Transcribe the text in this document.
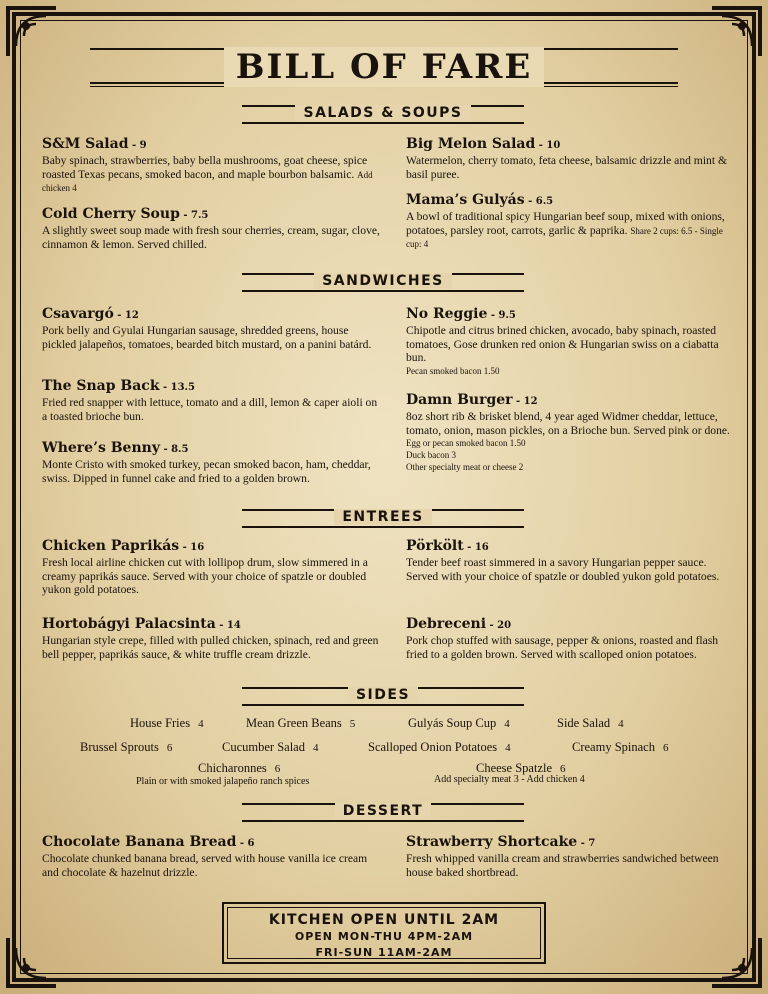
BILL OF FARE
SALADS & SOUPS
S&M Salad - 9
Baby spinach, strawberries, baby bella mushrooms, goat cheese, spice roasted Texas pecans, smoked bacon, and maple bourbon balsamic. Add chicken 4
Big Melon Salad - 10
Watermelon, cherry tomato, feta cheese, balsamic drizzle and mint & basil puree.
Cold Cherry Soup - 7.5
A slightly sweet soup made with fresh sour cherries, cream, sugar, clove, cinnamon & lemon. Served chilled.
Mama’s Gulyás - 6.5
A bowl of traditional spicy Hungarian beef soup, mixed with onions, potatoes, parsley root, carrots, garlic & paprika. Share 2 cups: 6.5 - Single cup: 4
SANDWICHES
Csavargó - 12
Pork belly and Gyulai Hungarian sausage, shredded greens, house pickled jalapeños, tomatoes, bearded bitch mustard, on a panini batárd.
No Reggie - 9.5
Chipotle and citrus brined chicken, avocado, baby spinach, roasted tomatoes, Gose drunken red onion & Hungarian swiss on a ciabatta bun.
Pecan smoked bacon 1.50
The Snap Back - 13.5
Fried red snapper with lettuce, tomato and a dill, lemon & caper aioli on a toasted brioche bun.
Damn Burger - 12
8oz short rib & brisket blend, 4 year aged Widmer cheddar, lettuce, tomato, onion, mason pickles, on a Brioche bun. Served pink or done.
Egg or pecan smoked bacon 1.50
Duck bacon 3
Other specialty meat or cheese 2
Where’s Benny - 8.5
Monte Cristo with smoked turkey, pecan smoked bacon, ham, cheddar, swiss. Dipped in funnel cake and fried to a golden brown.
ENTREES
Chicken Paprikás - 16
Fresh local airline chicken cut with lollipop drum, slow simmered in a creamy paprikás sauce. Served with your choice of spatzle or doubled yukon gold potatoes.
Pörkölt - 16
Tender beef roast simmered in a savory Hungarian pepper sauce. Served with your choice of spatzle or doubled yukon gold potatoes.
Hortobágyi Palacsinta - 14
Hungarian style crepe, filled with pulled chicken, spinach, red and green bell pepper, paprikás sauce, & white truffle cream drizzle.
Debreceni - 20
Pork chop stuffed with sausage, pepper & onions, roasted and flash fried to a golden brown. Served with scalloped onion potatoes.
SIDES
House Fries 4	Mean Green Beans 5	Gulyás Soup Cup 4	Side Salad 4
Brussel Sprouts 6	Cucumber Salad 4	Scalloped Onion Potatoes 4	Creamy Spinach 6
Chicharonnes 6
Plain or with smoked jalapeño ranch spices
Cheese Spatzle 6
Add specialty meat 3 - Add chicken 4
DESSERT
Chocolate Banana Bread - 6
Chocolate chunked banana bread, served with house vanilla ice cream and chocolate & hazelnut drizzle.
Strawberry Shortcake - 7
Fresh whipped vanilla cream and strawberries sandwiched between house baked shortbread.
KITCHEN OPEN UNTIL 2AM
OPEN MON-THU 4PM-2AM
FRI-SUN 11AM-2AM
